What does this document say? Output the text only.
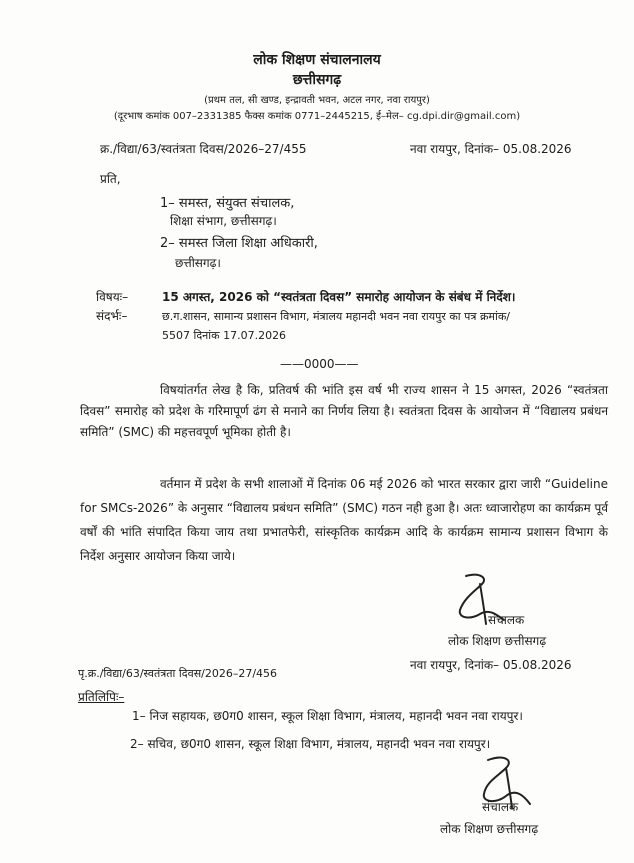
लोक शिक्षण संचालनालय
छत्तीसगढ़
(प्रथम तल, सी खण्ड, इन्द्रावती भवन, अटल नगर, नवा रायपुर)
(दूरभाष कमांक 007–2331385 फैक्स कमांक 0771–2445215, ई–मेल– cg.dpi.dir@gmail.com)
क्र./विद्या/63/स्वतंत्रता दिवस/2026–27/455	नवा रायपुर, दिनांक– 05.08.2026
प्रति,
1– समस्त, संयुक्त संचालक,
शिक्षा संभाग, छत्तीसगढ़।
2– समस्त जिला शिक्षा अधिकारी,
छत्तीसगढ़।
विषयः–	15 अगस्त, 2026 को “स्वतंत्रता दिवस” समारोह आयोजन के संबंध में निर्देश।
संदर्भः–	छ.ग.शासन, सामान्य प्रशासन विभाग, मंत्रालय महानदी भवन नवा रायपुर का पत्र क्रमांक/
5507 दिनांक 17.07.2026
——0000——
विषयांतर्गत लेख है कि, प्रतिवर्ष की भांति इस वर्ष भी राज्य शासन ने 15 अगस्त, 2026 “स्वतंत्रता दिवस” समारोह को प्रदेश के गरिमापूर्ण ढंग से मनाने का निर्णय लिया है। स्वतंत्रता दिवस के आयोजन में “विद्यालय प्रबंधन समिति” (SMC) की महत्तवपूर्ण भूमिका होती है।
वर्तमान में प्रदेश के सभी शालाओं में दिनांक 06 मई 2026 को भारत सरकार द्वारा जारी “Guideline for SMCs-2026” के अनुसार “विद्यालय प्रबंधन समिति” (SMC) गठन नही हुआ है। अतः ध्वाजारोहण का कार्यक्रम पूर्व वर्षों की भांति संपादित किया जाय तथा प्रभातफेरी, सांस्कृतिक कार्यक्रम आदि के कार्यक्रम सामान्य प्रशासन विभाग के निर्देश अनुसार आयोजन किया जाये।
संचालक
लोक शिक्षण छत्तीसगढ़
पृ.क्र./विद्या/63/स्वतंत्रता दिवस/2026–27/456
नवा रायपुर, दिनांक– 05.08.2026
प्रतिलिपिः–
1– निज सहायक, छ0ग0 शासन, स्कूल शिक्षा विभाग, मंत्रालय, महानदी भवन नवा रायपुर।
2– सचिव, छ0ग0 शासन, स्कूल शिक्षा विभाग, मंत्रालय, महानदी भवन नवा रायपुर।
संचालक
लोक शिक्षण छत्तीसगढ़
